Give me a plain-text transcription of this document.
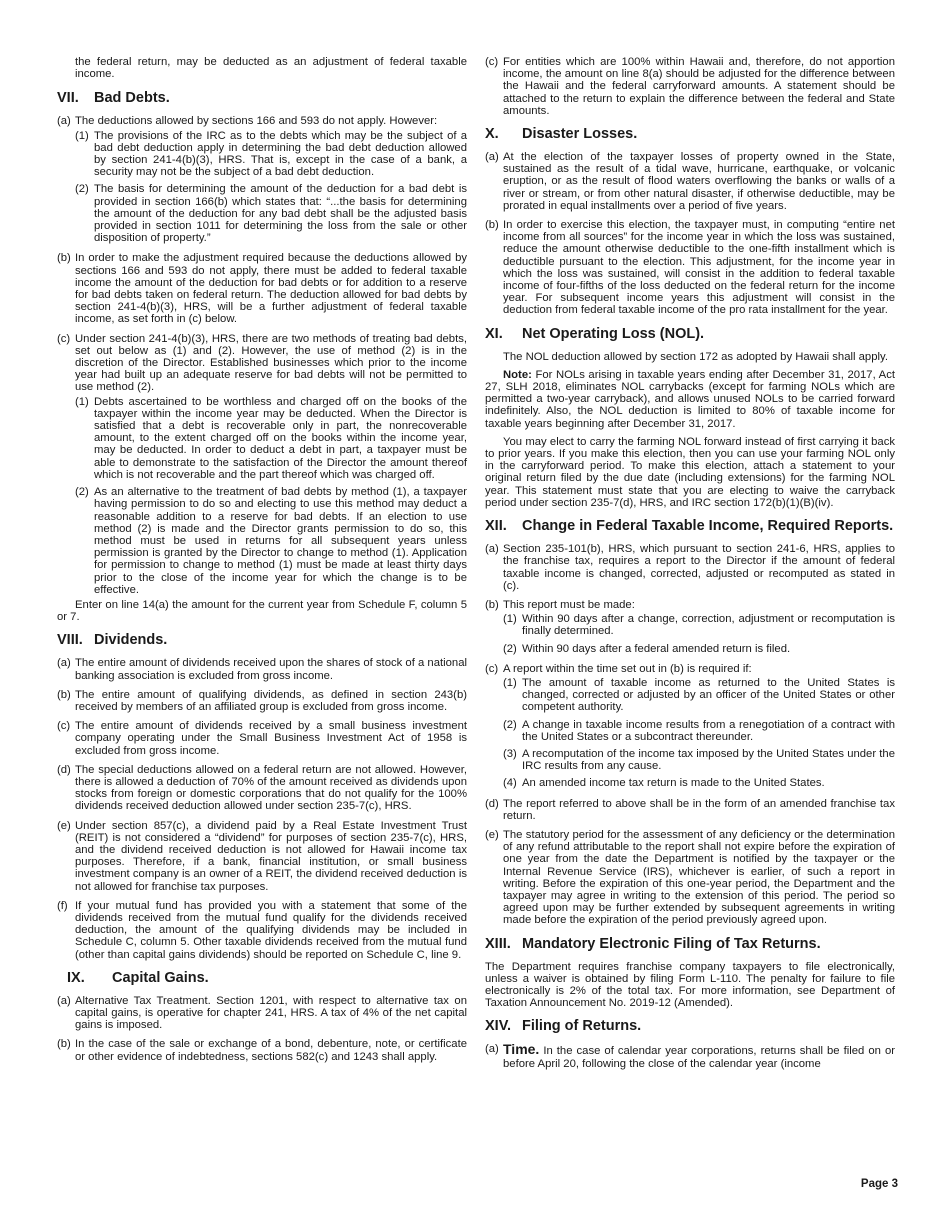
the federal return, may be deducted as an adjustment of federal taxable income.

VII.	Bad Debts.
(a) The deductions allowed by sections 166 and 593 do not apply. However:
(1) The provisions of the IRC as to the debts which may be the subject of a bad debt deduction apply in determining the bad debt deduction allowed by section 241-4(b)(3), HRS. That is, except in the case of a bank, a security may not be the subject of a bad debt deduction.
(2) The basis for determining the amount of the deduction for a bad debt is provided in section 166(b) which states that: “...the basis for determining the amount of the deduction for any bad debt shall be the adjusted basis provided in section 1011 for determining the loss from the sale or other disposition of property.”
(b) In order to make the adjustment required because the deductions allowed by sections 166 and 593 do not apply, there must be added to federal taxable income the amount of the deduction for bad debts or for addition to a reserve for bad debts taken on federal return. The deduction allowed for bad debts by section 241-4(b)(3), HRS, will be a further adjustment of federal taxable income, as set forth in (c) below.
(c) Under section 241-4(b)(3), HRS, there are two methods of treating bad debts, set out below as (1) and (2). However, the use of method (2) is in the discretion of the Director. Established businesses which prior to the income year had built up an adequate reserve for bad debts will not be permitted to use method (2).
(1) Debts ascertained to be worthless and charged off on the books of the taxpayer within the income year may be deducted. When the Director is satisfied that a debt is recoverable only in part, the nonrecoverable amount, to the extent charged off on the books within the income year, may be deducted. In order to deduct a debt in part, a taxpayer must be able to demonstrate to the satisfaction of the Director the amount thereof which is not recoverable and the part thereof which was charged off.
(2) As an alternative to the treatment of bad debts by method (1), a taxpayer having permission to do so and electing to use this method may deduct a reasonable addition to a reserve for bad debts. If an election to use method (2) is made and the Director grants permission to do so, this method must be used in returns for all subsequent years unless permission is granted by the Director to change to method (1). Application for permission to change to method (1) must be made at least thirty days prior to the close of the income year for which the change is to be effective.

Enter on line 14(a) the amount for the current year from Schedule F, column 5 or 7.

VIII. Dividends.
(a) The entire amount of dividends received upon the shares of stock of a national banking association is excluded from gross income.
(b) The entire amount of qualifying dividends, as defined in section 243(b) received by members of an affiliated group is excluded from gross income.
(c) The entire amount of dividends received by a small business investment company operating under the Small Business Investment Act of 1958 is excluded from gross income.
(d) The special deductions allowed on a federal return are not allowed. However, there is allowed a deduction of 70% of the amount received as dividends upon stocks from foreign or domestic corporations that do not qualify for the 100% dividends received deduction allowed under section 235-7(c), HRS.
(e) Under section 857(c), a dividend paid by a Real Estate Investment Trust (REIT) is not considered a “dividend” for purposes of section 235-7(c), HRS, and the dividend received deduction is not allowed for Hawaii income tax purposes. Therefore, if a bank, financial institution, or small business investment company is an owner of a REIT, the dividend received deduction is not allowed for franchise tax purposes.
(f) If your mutual fund has provided you with a statement that some of the dividends received from the mutual fund qualify for the dividends received deduction, the amount of the qualifying dividends may be included in Schedule C, column 5. Other taxable dividends received from the mutual fund (other than capital gains dividends) should be reported on Schedule C, line 9.
IX.	Capital Gains.
(a) Alternative Tax Treatment. Section 1201, with respect to alternative tax on capital gains, is operative for chapter 241, HRS. A tax of 4% of the net capital gains is imposed.
(b) In the case of the sale or exchange of a bond, debenture, note, or certificate or other evidence of indebtedness, sections 582(c) and 1243 shall apply.
(c) For entities which are 100% within Hawaii and, therefore, do not apportion income, the amount on line 8(a) should be adjusted for the difference between the Hawaii and the federal carryforward amounts. A statement should be attached to the return to explain the difference between the federal and State amounts.
X.	Disaster Losses.
(a) At the election of the taxpayer losses of property owned in the State, sustained as the result of a tidal wave, hurricane, earthquake, or volcanic eruption, or as the result of flood waters overflowing the banks or walls of a river or stream, or from other natural disaster, if otherwise deductible, may be prorated in equal installments over a period of five years.
(b) In order to exercise this election, the taxpayer must, in computing “entire net income from all sources” for the income year in which the loss was sustained, reduce the amount otherwise deductible to the one-fifth installment which is deductible pursuant to the election. This adjustment, for the income year in which the loss was sustained, will consist in the addition to federal taxable income of four-fifths of the loss deducted on the federal return for the income year. For subsequent income years this adjustment will consist in the deduction from federal taxable income of the pro rata installment for the year.
XI.	Net Operating Loss (NOL).

The NOL deduction allowed by section 172 as adopted by Hawaii shall apply.

Note: For NOLs arising in taxable years ending after December 31, 2017, Act 27, SLH 2018, eliminates NOL carrybacks (except for farming NOLs which are permitted a two-year carryback), and allows unused NOLs to be carried forward indefinitely. Also, the NOL deduction is limited to 80% of taxable income for taxable years beginning after December 31, 2017.

You may elect to carry the farming NOL forward instead of first carrying it back to prior years. If you make this election, then you can use your farming NOL only in the carryforward period. To make this election, attach a statement to your original return filed by the due date (including extensions) for the farming NOL year. This statement must state that you are electing to waive the carryback period under section 235-7(d), HRS, and IRC section 172(b)(1)(B)(iv).

XII.	Change in Federal Taxable Income, Required Reports.
(a) Section 235-101(b), HRS, which pursuant to section 241-6, HRS, applies to the franchise tax, requires a report to the Director if the amount of federal taxable income is changed, corrected, adjusted or recomputed as stated in (c).
(b) This report must be made:
(1) Within 90 days after a change, correction, adjustment or recomputation is finally determined.
(2) Within 90 days after a federal amended return is filed.
(c) A report within the time set out in (b) is required if:
(1) The amount of taxable income as returned to the United States is changed, corrected or adjusted by an officer of the United States or other competent authority.
(2) A change in taxable income results from a renegotiation of a contract with the United States or a subcontract thereunder.
(3) A recomputation of the income tax imposed by the United States under the IRC results from any cause.
(4) An amended income tax return is made to the United States.
(d) The report referred to above shall be in the form of an amended franchise tax return.
(e) The statutory period for the assessment of any deficiency or the determination of any refund attributable to the report shall not expire before the expiration of one year from the date the Department is notified by the taxpayer or the Internal Revenue Service (IRS), whichever is earlier, of such a report in writing. Before the expiration of this one-year period, the Department and the taxpayer may agree in writing to the extension of this period. The period so agreed upon may be further extended by subsequent agreements in writing made before the expiration of the period previously agreed upon.
XIII. Mandatory Electronic Filing of Tax Returns.

The Department requires franchise company taxpayers to file electronically, unless a waiver is obtained by filing Form L-110. The penalty for failure to file electronically is 2% of the total tax. For more information, see Department of Taxation Announcement No. 2019-12 (Amended).

XIV. Filing of Returns.
(a) Time. In the case of calendar year corporations, returns shall be filed on or before April 20, following the close of the calendar year (income
Page 3
